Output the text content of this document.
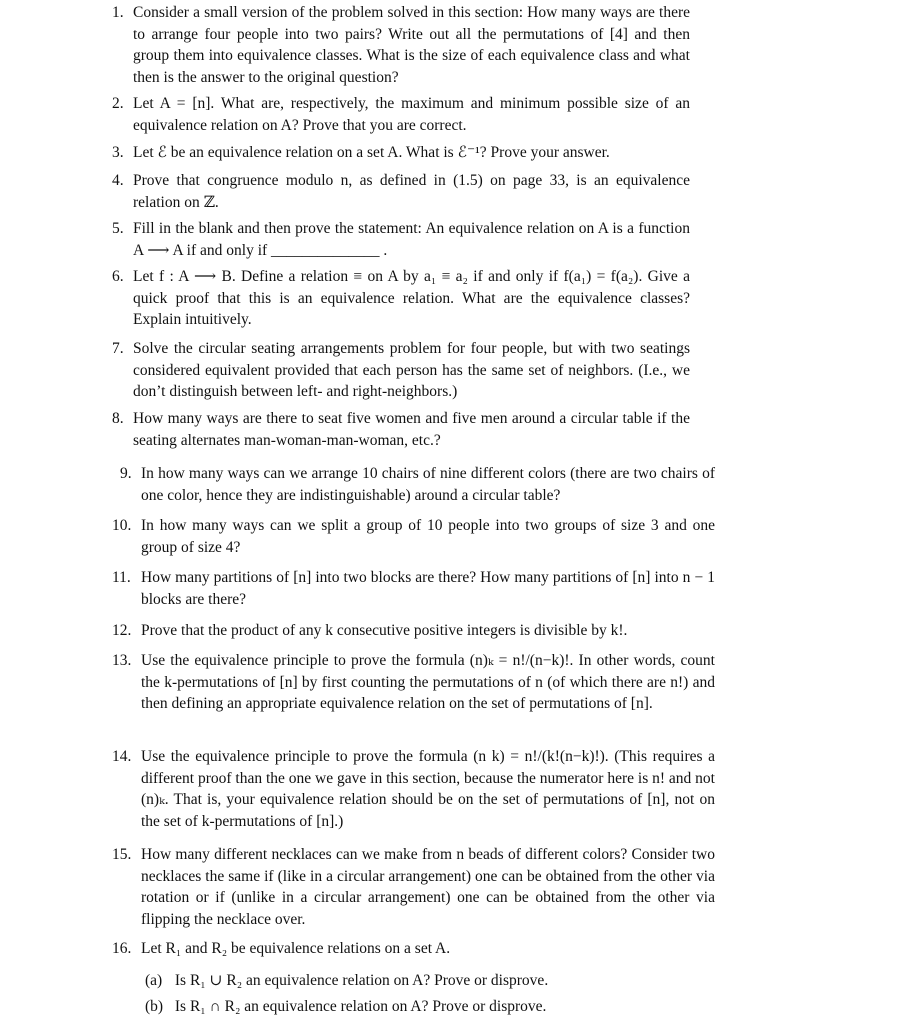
1. Consider a small version of the problem solved in this section: How many ways are there to arrange four people into two pairs? Write out all the permutations of [4] and then group them into equivalence classes. What is the size of each equivalence class and what then is the answer to the original question?
2. Let A = [n]. What are, respectively, the maximum and minimum possible size of an equivalence relation on A? Prove that you are correct.
3. Let ℰ be an equivalence relation on a set A. What is ℰ⁻¹? Prove your answer.
4. Prove that congruence modulo n, as defined in (1.5) on page 33, is an equivalence relation on ℤ.
5. Fill in the blank and then prove the statement: An equivalence relation on A is a function A ⟶ A if and only if ______________ .
6. Let f : A ⟶ B. Define a relation ≡ on A by a₁ ≡ a₂ if and only if f(a₁) = f(a₂). Give a quick proof that this is an equivalence relation. What are the equivalence classes? Explain intuitively.
7. Solve the circular seating arrangements problem for four people, but with two seatings considered equivalent provided that each person has the same set of neighbors. (I.e., we don’t distinguish between left- and right-neighbors.)
8. How many ways are there to seat five women and five men around a circular table if the seating alternates man-woman-man-woman, etc.?
9. In how many ways can we arrange 10 chairs of nine different colors (there are two chairs of one color, hence they are indistinguishable) around a circular table?
10. In how many ways can we split a group of 10 people into two groups of size 3 and one group of size 4?
11. How many partitions of [n] into two blocks are there? How many partitions of [n] into n − 1 blocks are there?
12. Prove that the product of any k consecutive positive integers is divisible by k!.
13. Use the equivalence principle to prove the formula (n)ₖ = n!/(n−k)!. In other words, count the k-permutations of [n] by first counting the permutations of n (of which there are n!) and then defining an appropriate equivalence relation on the set of permutations of [n].
14. Use the equivalence principle to prove the formula (n k) = n!/(k!(n−k)!). (This requires a different proof than the one we gave in this section, because the numerator here is n! and not (n)ₖ. That is, your equivalence relation should be on the set of permutations of [n], not on the set of k-permutations of [n].)
15. How many different necklaces can we make from n beads of different colors? Consider two necklaces the same if (like in a circular arrangement) one can be obtained from the other via rotation or if (unlike in a circular arrangement) one can be obtained from the other via flipping the necklace over.
16. Let R₁ and R₂ be equivalence relations on a set A.
(a) Is R₁ ∪ R₂ an equivalence relation on A? Prove or disprove.
(b) Is R₁ ∩ R₂ an equivalence relation on A? Prove or disprove.
